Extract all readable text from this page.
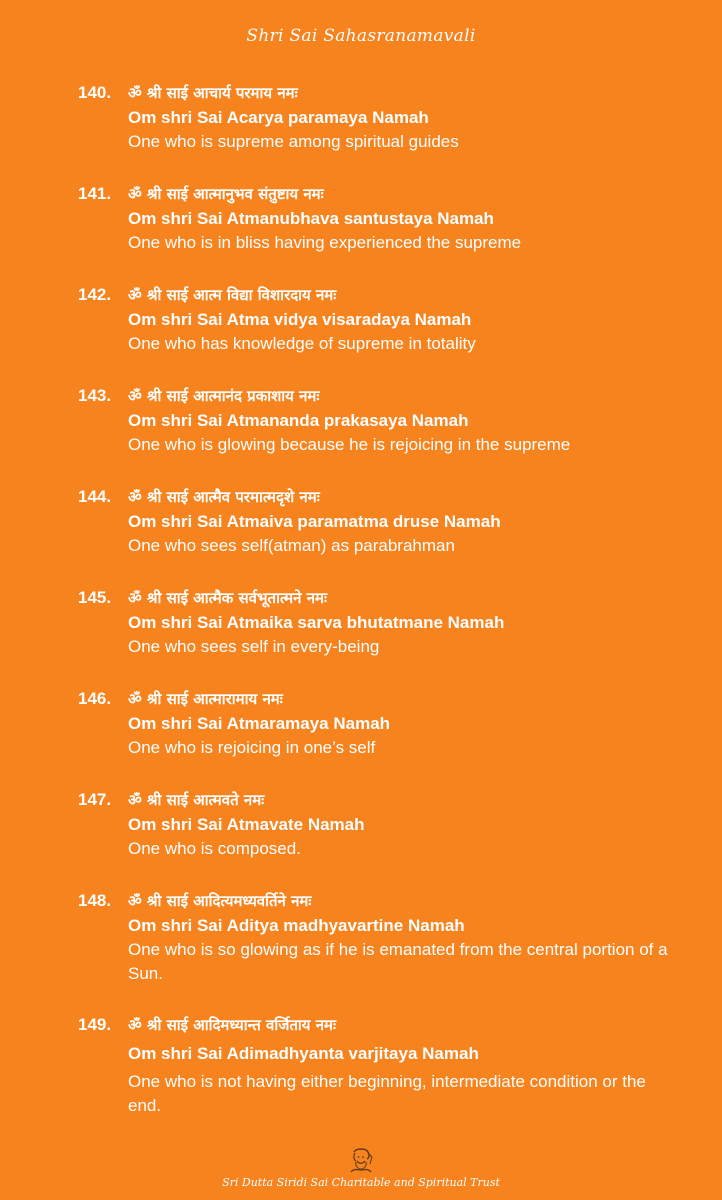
Shri Sai Sahasranamavali
140. ॐ श्री साई आचार्य परमाय नमः
Om shri Sai Acarya paramaya Namah
One who is supreme among spiritual guides
141. ॐ श्री साई आत्मानुभव संतुष्टाय नमः
Om shri Sai Atmanubhava santustaya Namah
One who is in bliss having experienced the supreme
142. ॐ श्री साई आत्म विद्या विशारदाय नमः
Om shri Sai Atma vidya visaradaya Namah
One who has knowledge of supreme in totality
143. ॐ श्री साई आत्मानंद प्रकाशाय नमः
Om shri Sai Atmananda prakasaya Namah
One who is glowing because he is rejoicing in the supreme
144. ॐ श्री साई आत्मैव परमात्मदृशे नमः
Om shri Sai Atmaiva paramatma druse Namah
One who sees self(atman) as parabrahman
145. ॐ श्री साई आत्मैक सर्वभूतात्मने नमः
Om shri Sai Atmaika sarva bhutatmane Namah
One who sees self in every-being
146. ॐ श्री साई आत्मारामाय नमः
Om shri Sai Atmaramaya Namah
One who is rejoicing in one’s self
147. ॐ श्री साई आत्मवते नमः
Om shri Sai Atmavate Namah
One who is composed.
148. ॐ श्री साई आदित्यमध्यवर्तिने नमः
Om shri Sai Aditya madhyavartine Namah
One who is so glowing as if he is emanated from the central portion of a Sun.
149. ॐ श्री साई आदिमध्यान्त वर्जिताय नमः
Om shri Sai Adimadhyanta varjitaya Namah
One who is not having either beginning, intermediate condition or the end.
Sri Dutta Siridi Sai Charitable and Spiritual Trust
